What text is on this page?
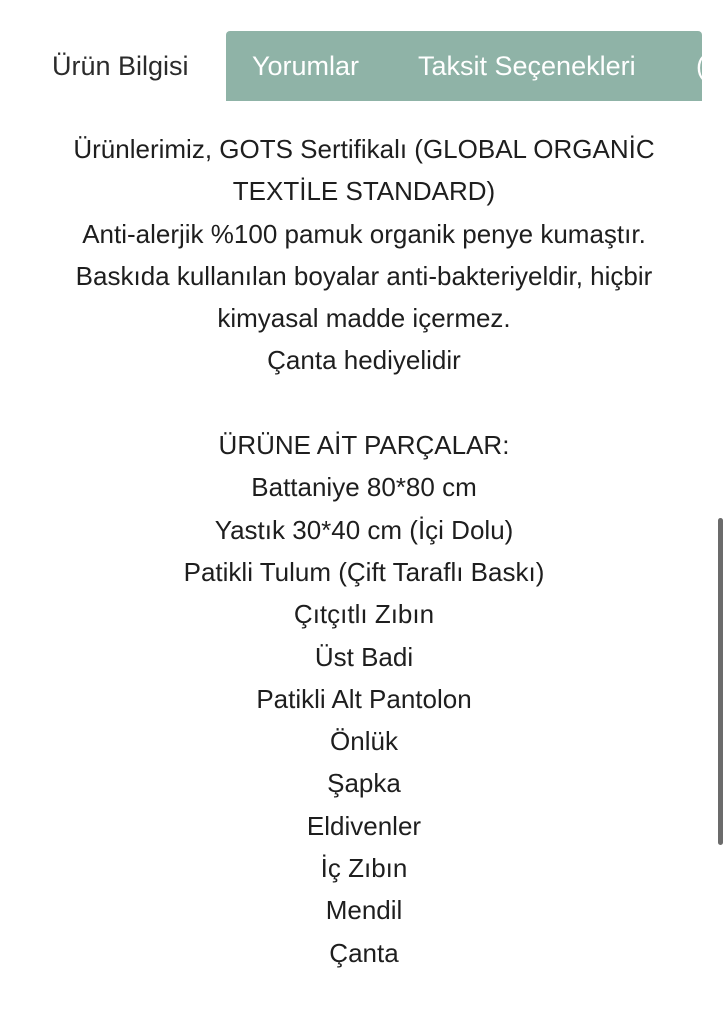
Ürün Bilgisi Yorumlar Taksit Seçenekleri (

Ürünlerimiz, GOTS Sertifikalı (GLOBAL ORGANİC

TEXTİLE STANDARD)

Anti-alerjik %100 pamuk organik penye kumaştır.

Baskıda kullanılan boyalar anti-bakteriyeldir, hiçbir

kimyasal madde içermez.

Çanta hediyelidir

ÜRÜNE AİT PARÇALAR:

Battaniye 80*80 cm

Yastık 30*40 cm (İçi Dolu)

Patikli Tulum (Çift Taraflı Baskı)

Çıtçıtlı Zıbın

Üst Badi

Patikli Alt Pantolon

Önlük

Şapka

Eldivenler

İç Zıbın

Mendil

Çanta
